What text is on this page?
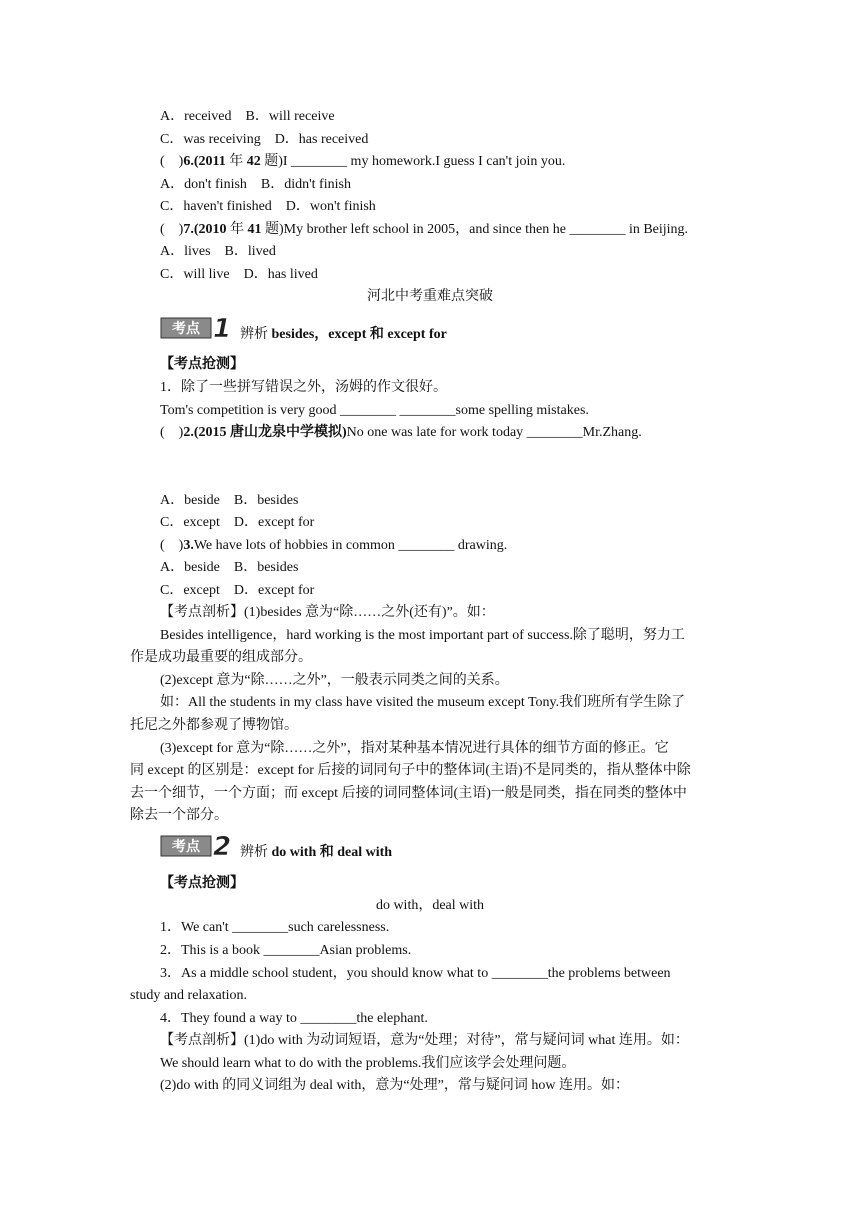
A．received　B．will receive
C．was receiving　D．has received
(　)6.(2011 年 42 题)I ________ my homework.I guess I can't join you.
A．don't finish　B．didn't finish
C．haven't finished　D．won't finish
(　)7.(2010 年 41 题)My brother left school in 2005，and since then he ________ in Beijing.
A．lives　B．lived
C．will live　D．has lived
河北中考重难点突破
考点 1 辨析 besides，except 和 except for
【考点抢测】
1．除了一些拼写错误之外，汤姆的作文很好。
Tom's competition is very good ________ ________some spelling mistakes.
(　)2.(2015 唐山龙泉中学模拟)No one was late for work today ________Mr.Zhang.
A．beside　B．besides
C．except　D．except for
(　)3.We have lots of hobbies in common ________ drawing.
A．beside　B．besides
C．except　D．except for
【考点剖析】(1)besides 意为“除……之外(还有)”。如：
Besides intelligence，hard working is the most important part of success.除了聪明，努力工
作是成功最重要的组成部分。
(2)except 意为“除……之外”，一般表示同类之间的关系。
如：All the students in my class have visited the museum except Tony.我们班所有学生除了
托尼之外都参观了博物馆。
(3)except for 意为“除……之外”，指对某种基本情况进行具体的细节方面的修正。它
同 except 的区别是：except for 后接的词同句子中的整体词(主语)不是同类的，指从整体中除
去一个细节，一个方面；而 except 后接的词同整体词(主语)一般是同类，指在同类的整体中
除去一个部分。
考点 2 辨析 do with 和 deal with
【考点抢测】
do with，deal with
1．We can't ________such carelessness.
2．This is a book ________Asian problems.
3．As a middle school student，you should know what to ________the problems between
study and relaxation.
4．They found a way to ________the elephant.
【考点剖析】(1)do with 为动词短语，意为“处理；对待”，常与疑问词 what 连用。如：
We should learn what to do with the problems.我们应该学会处理问题。
(2)do with 的同义词组为 deal with，意为“处理”，常与疑问词 how 连用。如：
